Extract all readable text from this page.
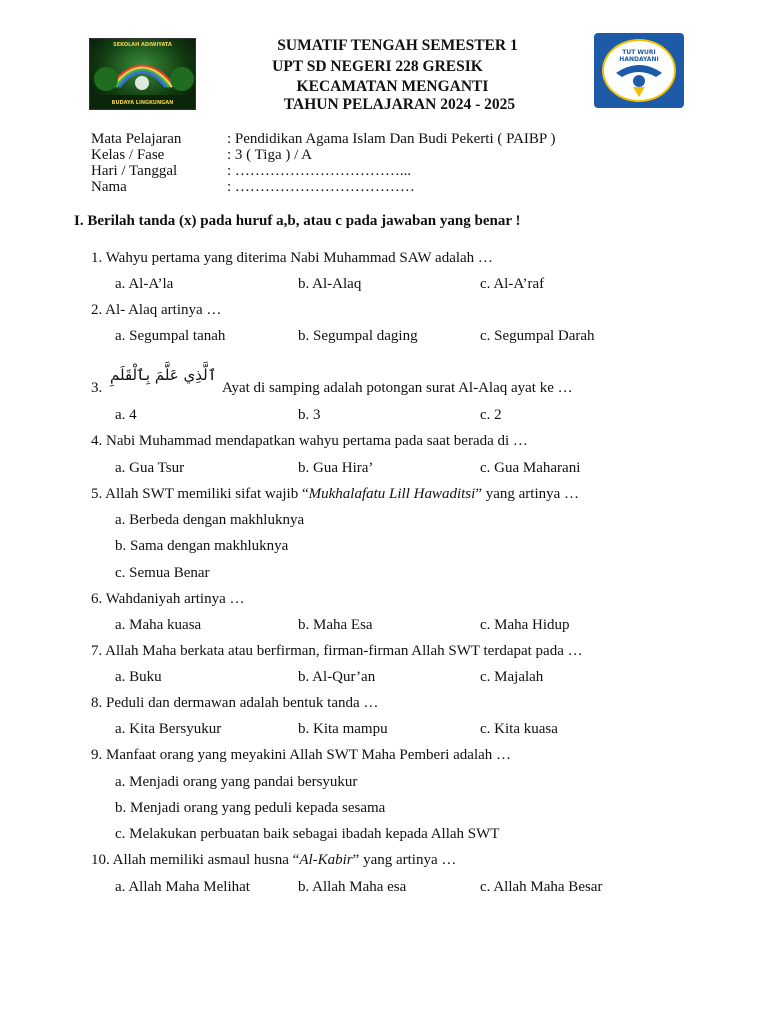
SEKOLAH ADIWIYATA
BUDAYA LINGKUNGAN
TUT WURI HANDAYANI
SUMATIF TENGAH SEMESTER 1
UPT SD NEGERI 228 GRESIK
KECAMATAN MENGANTI
TAHUN PELAJARAN 2024 - 2025
Mata Pelajaran	: Pendidikan Agama Islam Dan Budi Pekerti ( PAIBP )
Kelas / Fase	: 3 ( Tiga ) / A
Hari / Tanggal	: ……………………………...
Nama	: ………………………………
I. Berilah tanda (x) pada huruf a,b, atau c pada jawaban yang benar !
1. Wahyu pertama yang diterima Nabi Muhammad SAW adalah …
a. Al-A’la	b. Al-Alaq	c. Al-A’raf
2. Al- Alaq artinya …
a. Segumpal tanah	b. Segumpal daging	c. Segumpal Darah
3.
ٱلَّذِي عَلَّمَ بِٱلْقَلَمِ
Ayat di samping adalah potongan surat Al-Alaq ayat ke …
a. 4	b. 3	c. 2
4. Nabi Muhammad mendapatkan wahyu pertama pada saat berada di …
a. Gua Tsur	b. Gua Hira’	c. Gua Maharani
5. Allah SWT memiliki sifat wajib “Mukhalafatu Lill Hawaditsi” yang artinya …
a. Berbeda dengan makhluknya
b. Sama dengan makhluknya
c. Semua Benar
6. Wahdaniyah artinya …
a. Maha kuasa	b. Maha Esa	c. Maha Hidup
7. Allah Maha berkata atau berfirman, firman-firman Allah SWT terdapat pada …
a. Buku	b. Al-Qur’an	c. Majalah
8. Peduli dan dermawan adalah bentuk tanda …
a. Kita Bersyukur	b. Kita mampu	c. Kita kuasa
9. Manfaat orang yang meyakini Allah SWT Maha Pemberi adalah …
a. Menjadi orang yang pandai bersyukur
b. Menjadi orang yang peduli kepada sesama
c. Melakukan perbuatan baik sebagai ibadah kepada Allah SWT
10. Allah memiliki asmaul husna “Al-Kabir” yang artinya …
a. Allah Maha Melihat	b. Allah Maha esa	c. Allah Maha Besar
